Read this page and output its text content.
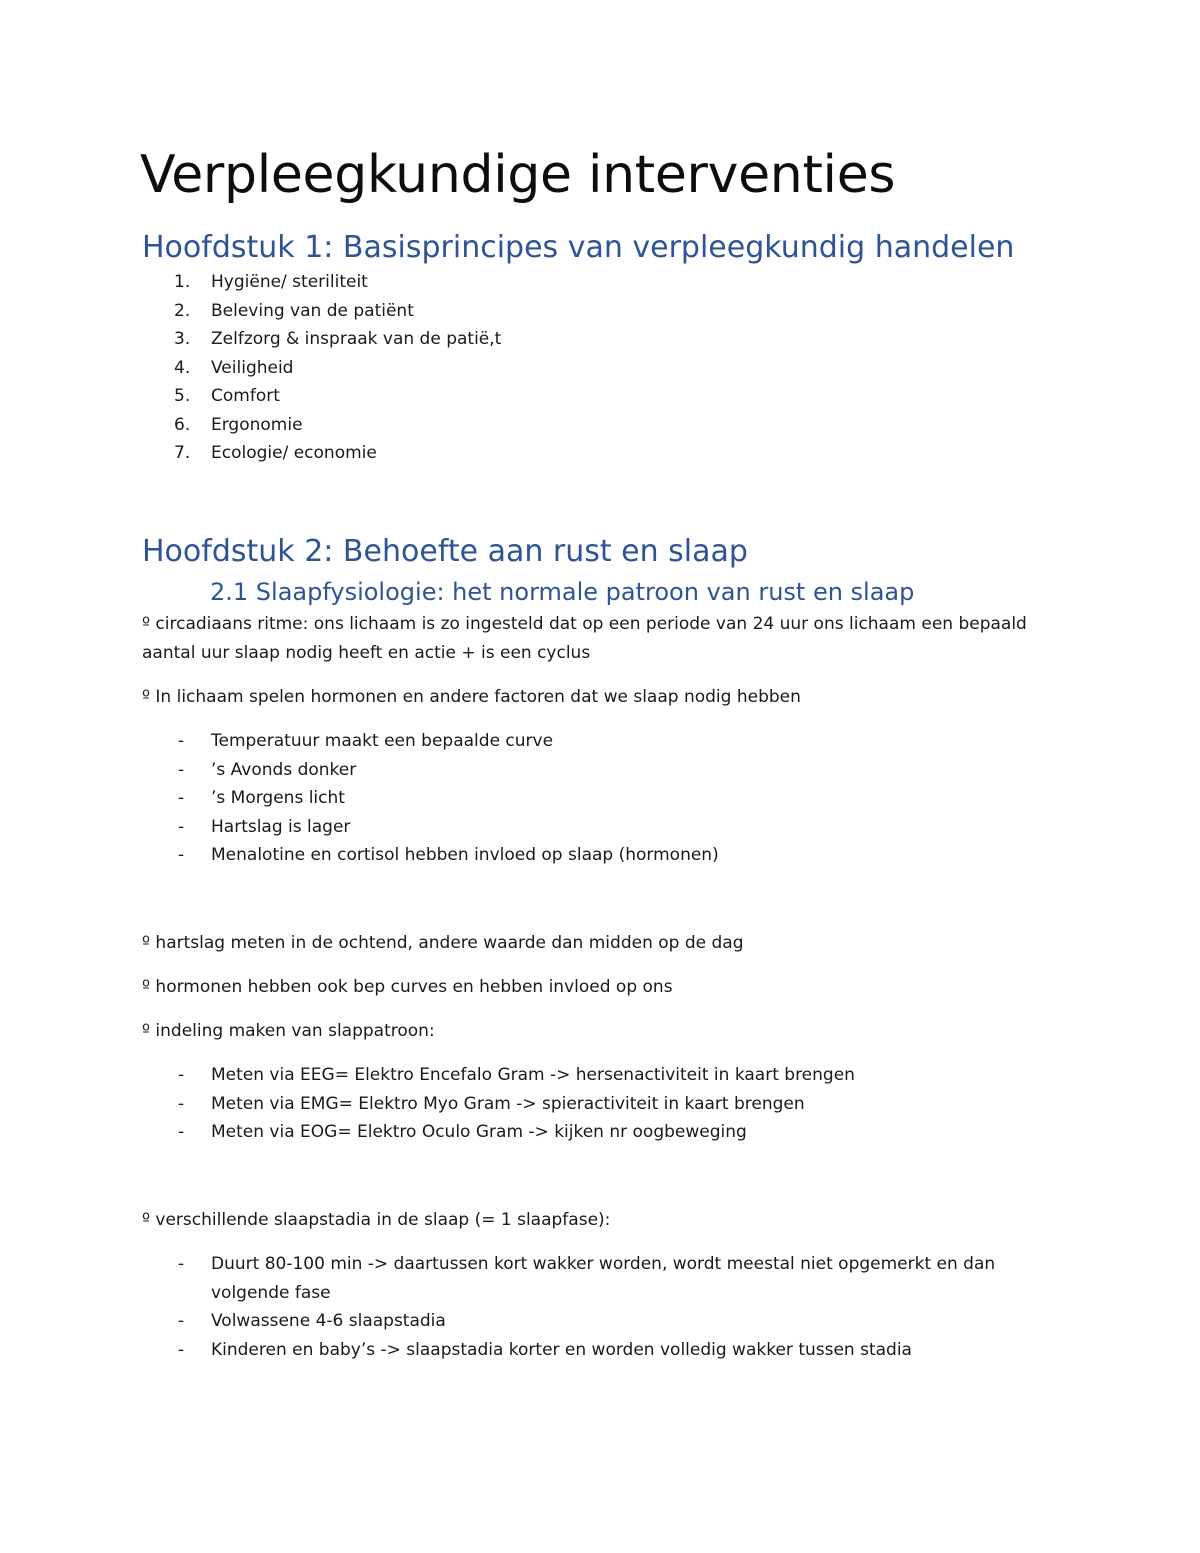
Verpleegkundige interventies
Hoofdstuk 1: Basisprincipes van verpleegkundig handelen
1. Hygiëne/ steriliteit
2. Beleving van de patiënt
3. Zelfzorg & inspraak van de patië,t
4. Veiligheid
5. Comfort
6. Ergonomie
7. Ecologie/ economie
Hoofdstuk 2: Behoefte aan rust en slaap
2.1 Slaapfysiologie: het normale patroon van rust en slaap

º circadiaans ritme: ons lichaam is zo ingesteld dat op een periode van 24 uur ons lichaam een bepaald aantal uur slaap nodig heeft en actie + is een cyclus

º In lichaam spelen hormonen en andere factoren dat we slaap nodig hebben

- Temperatuur maakt een bepaalde curve
- ’s Avonds donker
- ’s Morgens licht
- Hartslag is lager
- Menalotine en cortisol hebben invloed op slaap (hormonen)

º hartslag meten in de ochtend, andere waarde dan midden op de dag

º hormonen hebben ook bep curves en hebben invloed op ons

º indeling maken van slappatroon:

- Meten via EEG= Elektro Encefalo Gram -> hersenactiviteit in kaart brengen
- Meten via EMG= Elektro Myo Gram -> spieractiviteit in kaart brengen
- Meten via EOG= Elektro Oculo Gram -> kijken nr oogbeweging

º verschillende slaapstadia in de slaap (= 1 slaapfase):

- Duurt 80-100 min -> daartussen kort wakker worden, wordt meestal niet opgemerkt en dan volgende fase
- Volwassene 4-6 slaapstadia
- Kinderen en baby’s -> slaapstadia korter en worden volledig wakker tussen stadia
